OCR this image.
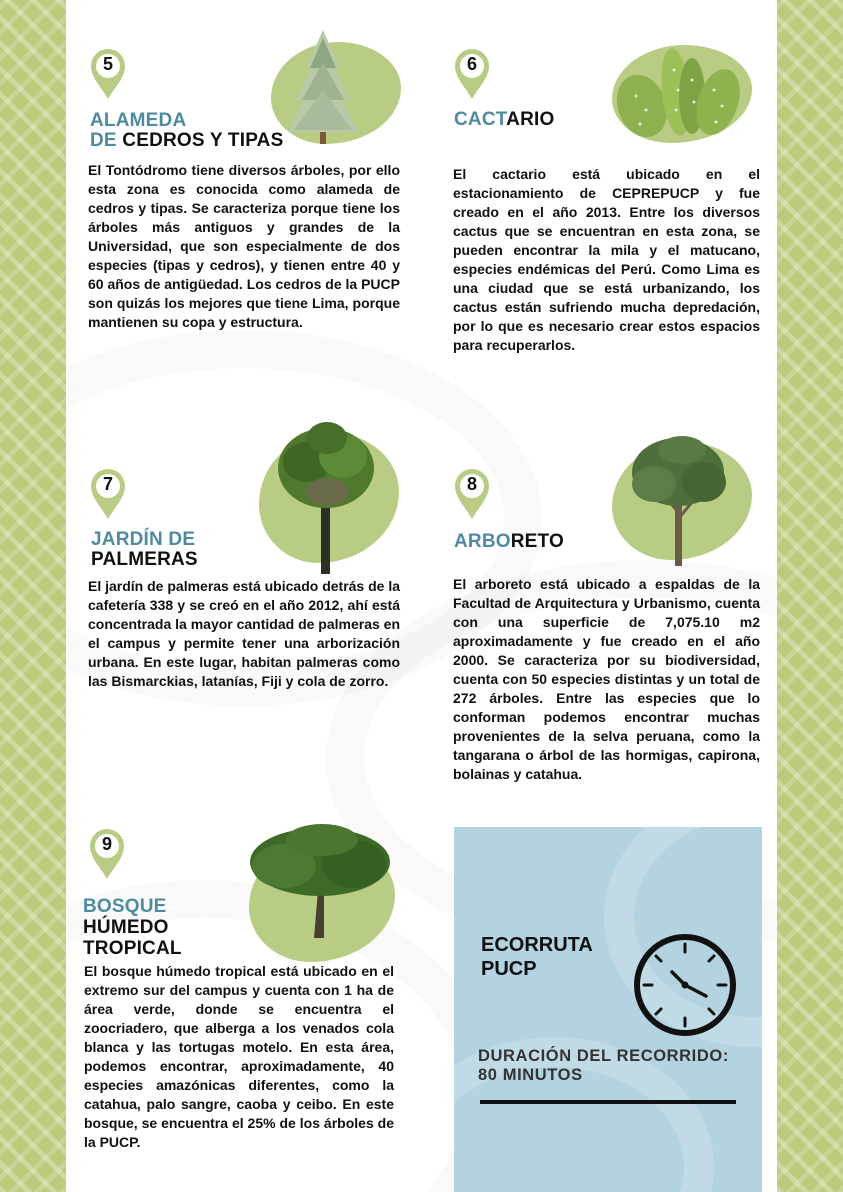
5

ALAMEDA
DE CEDROS Y TIPAS

El Tontódromo tiene diversos árboles, por ello esta zona es conocida como alameda de cedros y tipas. Se caracteriza porque tiene los árboles más antiguos y grandes de la Universidad, que son especialmente de dos especies (tipas y cedros), y tienen entre 40 y 60 años de antigüedad. Los cedros de la PUCP son quizás los mejores que tiene Lima, porque mantienen su copa y estructura.

6

CACTARIO

El cactario está ubicado en el estacionamiento de CEPREPUCP y fue creado en el año 2013. Entre los diversos cactus que se encuentran en esta zona, se pueden encontrar la mila y el matucano, especies endémicas del Perú. Como Lima es una ciudad que se está urbanizando, los cactus están sufriendo mucha depredación, por lo que es necesario crear estos espacios para recuperarlos.

7

JARDÍN DE
PALMERAS

El jardín de palmeras está ubicado detrás de la cafetería 338 y se creó en el año 2012, ahí está concentrada la mayor cantidad de palmeras en el campus y permite tener una arborización urbana. En este lugar, habitan palmeras como las Bismarckias, latanías, Fiji y cola de zorro.

8

ARBORETO

El arboreto está ubicado a espaldas de la Facultad de Arquitectura y Urbanismo, cuenta con una superficie de 7,075.10 m2 aproximadamente y fue creado en el año 2000. Se caracteriza por su biodiversidad, cuenta con 50 especies distintas y un total de 272 árboles. Entre las especies que lo conforman podemos encontrar muchas provenientes de la selva peruana, como la tangarana o árbol de las hormigas, capirona, bolainas y catahua.

9

BOSQUE
HÚMEDO
TROPICAL

El bosque húmedo tropical está ubicado en el extremo sur del campus y cuenta con 1 ha de área verde, donde se encuentra el zoocriadero, que alberga a los venados cola blanca y las tortugas motelo. En esta área, podemos encontrar, aproximadamente, 40 especies amazónicas diferentes, como la catahua, palo sangre, caoba y ceibo. En este bosque, se encuentra el 25% de los árboles de la PUCP.

ECORRUTA PUCP

DURACIÓN DEL RECORRIDO: 80 MINUTOS
